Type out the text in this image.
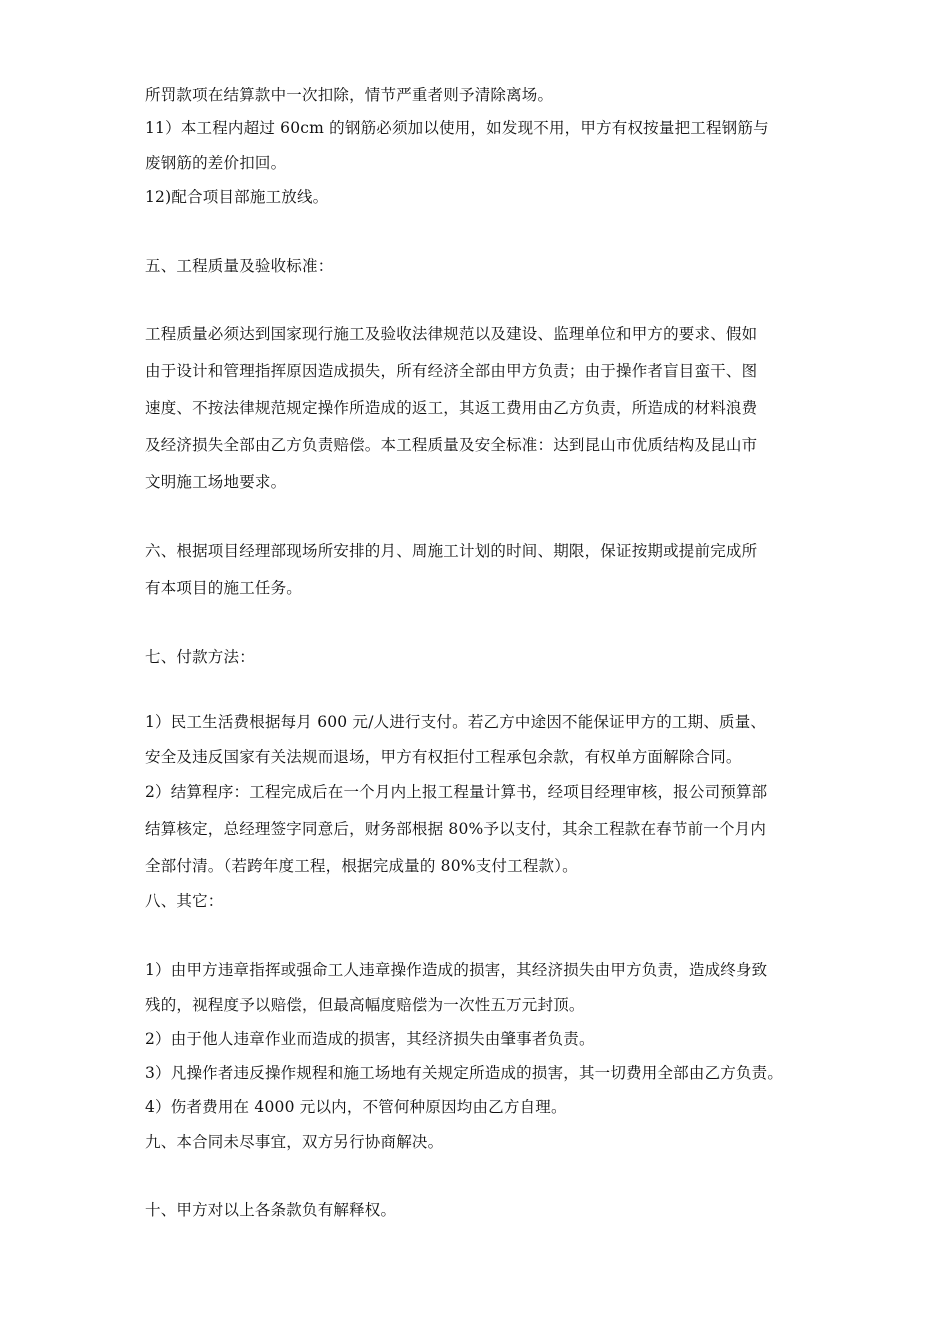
所罚款项在结算款中一次扣除，情节严重者则予清除离场。
11）本工程内超过 60cm 的钢筋必须加以使用，如发现不用，甲方有权按量把工程钢筋与
废钢筋的差价扣回。
12)配合项目部施工放线。
五、工程质量及验收标准：
工程质量必须达到国家现行施工及验收法律规范以及建设、监理单位和甲方的要求、假如
由于设计和管理指挥原因造成损失，所有经济全部由甲方负责；由于操作者盲目蛮干、图
速度、不按法律规范规定操作所造成的返工，其返工费用由乙方负责，所造成的材料浪费
及经济损失全部由乙方负责赔偿。本工程质量及安全标准：达到昆山市优质结构及昆山市
文明施工场地要求。
六、根据项目经理部现场所安排的月、周施工计划的时间、期限，保证按期或提前完成所
有本项目的施工任务。
七、付款方法：
1）民工生活费根据每月 600 元/人进行支付。若乙方中途因不能保证甲方的工期、质量、
安全及违反国家有关法规而退场，甲方有权拒付工程承包余款，有权单方面解除合同。
2）结算程序：工程完成后在一个月内上报工程量计算书，经项目经理审核，报公司预算部
结算核定，总经理签字同意后，财务部根据 80%予以支付，其余工程款在春节前一个月内
全部付清。（若跨年度工程，根据完成量的 80%支付工程款）。
八、其它：
1）由甲方违章指挥或强命工人违章操作造成的损害，其经济损失由甲方负责，造成终身致
残的，视程度予以赔偿，但最高幅度赔偿为一次性五万元封顶。
2）由于他人违章作业而造成的损害，其经济损失由肇事者负责。
3）凡操作者违反操作规程和施工场地有关规定所造成的损害，其一切费用全部由乙方负责。
4）伤者费用在 4000 元以内，不管何种原因均由乙方自理。
九、本合同未尽事宜，双方另行协商解决。
十、甲方对以上各条款负有解释权。
